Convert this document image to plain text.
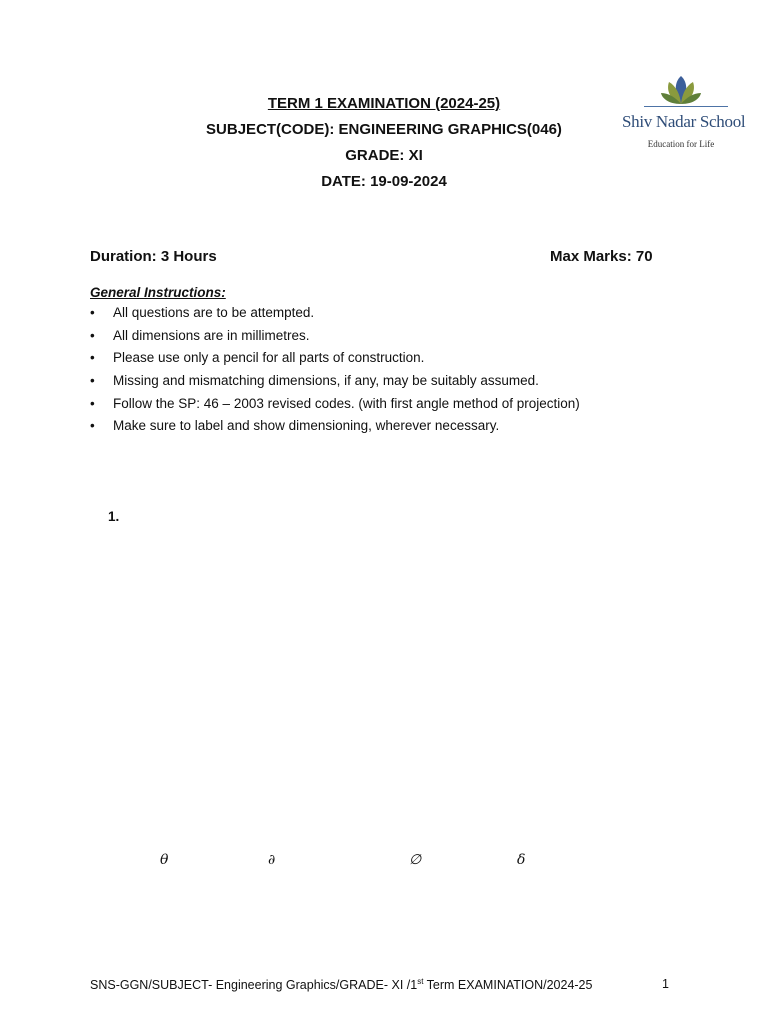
TERM 1 EXAMINATION (2024-25)
SUBJECT(CODE): ENGINEERING GRAPHICS(046)
GRADE: XI
DATE: 19-09-2024
Shiv Nadar School
Education for Life
Duration: 3 Hours	Max Marks: 70
General Instructions:
• All questions are to be attempted.
• All dimensions are in millimetres.
• Please use only a pencil for all parts of construction.
• Missing and mismatching dimensions, if any, may be suitably assumed.
• Follow the SP: 46 – 2003 revised codes. (with first angle method of projection)
• Make sure to label and show dimensioning, wherever necessary.
1.
θ	∂	∅	δ
SNS-GGN/SUBJECT- Engineering Graphics/GRADE- XI /1st Term EXAMINATION/2024-25	1
